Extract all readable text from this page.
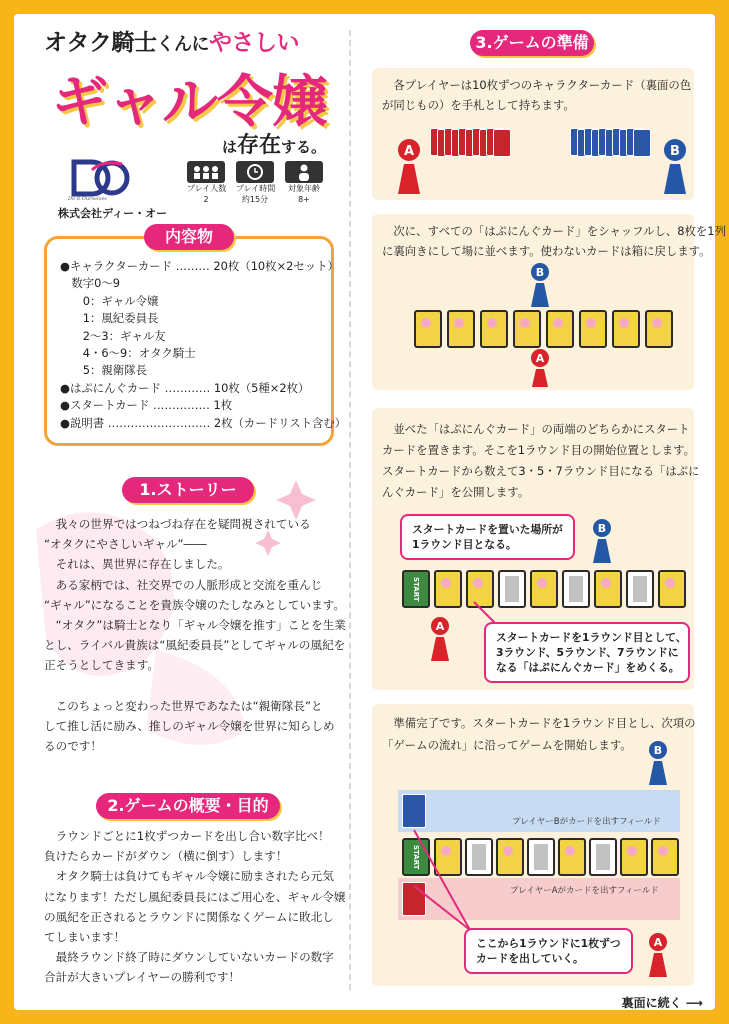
オタク騎士くんにやさしい
ギャル令嬢
は存在する。
Do it Ourselves
株式会社ディー・オー
プレイ人数
2
プレイ時間
約15分
対象年齢
8+
内容物
●キャラクターカード ……… 20枚（10枚×2セット）
　数字0～9
　　0：ギャル令嬢
　　1：風紀委員長
　　2～3：ギャル友
　　4・6～9：オタク騎士
　　5：親衛隊長
●はぷにんぐカード ………… 10枚（5種×2枚）
●スタートカード …………… 1枚
●説明書 ……………………… 2枚（カードリスト含む）
1.ストーリー
　我々の世界ではつねづね存在を疑問視されている
“オタクにやさしいギャル”――
　それは、異世界に存在しました。
　ある家柄では、社交界での人脈形成と交流を重んじ
“ギャル”になることを貴族令嬢のたしなみとしています。
　“オタク”は騎士となり「ギャル令嬢を推す」ことを生業
とし、ライバル貴族は“風紀委員長”としてギャルの風紀を
正そうとしてきます。
　このちょっと変わった世界であなたは“親衛隊長”と
して推し活に励み、推しのギャル令嬢を世界に知らしめ
るのです！
2.ゲームの概要・目的
　ラウンドごとに1枚ずつカードを出し合い数字比べ！
負けたらカードがダウン（横に倒す）します！
　オタク騎士は負けてもギャル令嬢に励まされたら元気
になります！ただし風紀委員長にはご用心を、ギャル令嬢
の風紀を正されるとラウンドに関係なくゲームに敗北し
てしまいます！
　最終ラウンド終了時にダウンしていないカードの数字
合計が大きいプレイヤーの勝利です！
3.ゲームの準備
　各プレイヤーは10枚ずつのキャラクターカード（裏面の色
が同じもの）を手札として持ちます。
A	B
　次に、すべての「はぷにんぐカード」をシャッフルし、8枚を1列
に裏向きにして場に並べます。使わないカードは箱に戻します。
B
A
　並べた「はぷにんぐカード」の両端のどちらかにスタート
カードを置きます。そこを1ラウンド目の開始位置とします。
スタートカードから数えて3・5・7ラウンド目になる「はぷに
んぐカード」を公開します。
スタートカードを置いた場所が
1ラウンド目となる。
B
START
A
スタートカードを1ラウンド目として、
3ラウンド、5ラウンド、7ラウンドに
なる「はぷにんぐカード」をめくる。
　準備完了です。スタートカードを1ラウンド目とし、次項の
「ゲームの流れ」に沿ってゲームを開始します。 B
プレイヤーBがカードを出すフィールド
START
プレイヤーAがカードを出すフィールド
ここから1ラウンドに1枚ずつ
カードを出していく。
A
裏面に続く ⟶
